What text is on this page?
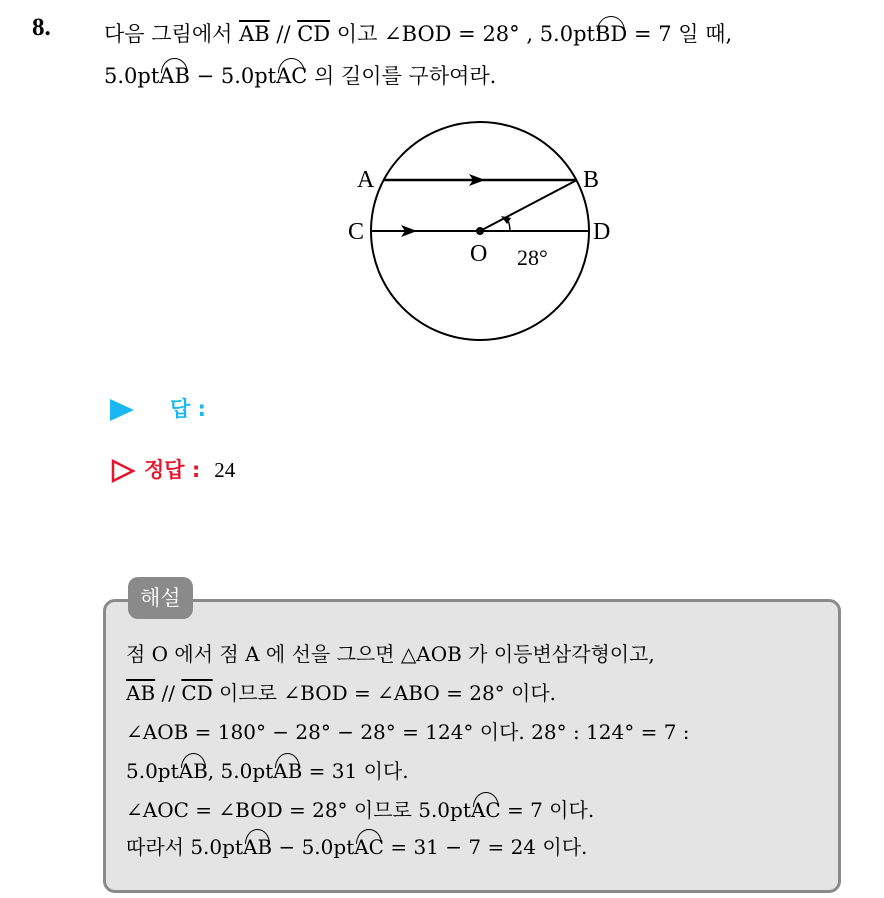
8.	다음 그림에서 $\overline{AB} // \overline{CD}$ 이고 ∠BOD = 28° , 5.0ptBD = 7 일 때,
5.0ptAB − 5.0ptAC 의 길이를 구하여라.
A	B
C	D
O 28°
답 :
정답 : 24
해설
점 O 에서 점 A 에 선을 그으면 △AOB 가 이등변삼각형이고,
$\overline{AB} // \overline{CD}$ 이므로 ∠BOD = ∠ABO = 28° 이다.
∠AOB = 180° − 28° − 28° = 124° 이다. 28° : 124° = 7 :
5.0ptAB, 5.0ptAB = 31 이다.
∠AOC = ∠BOD = 28° 이므로 5.0ptAC = 7 이다.
따라서 5.0ptAB − 5.0ptAC = 31 − 7 = 24 이다.
